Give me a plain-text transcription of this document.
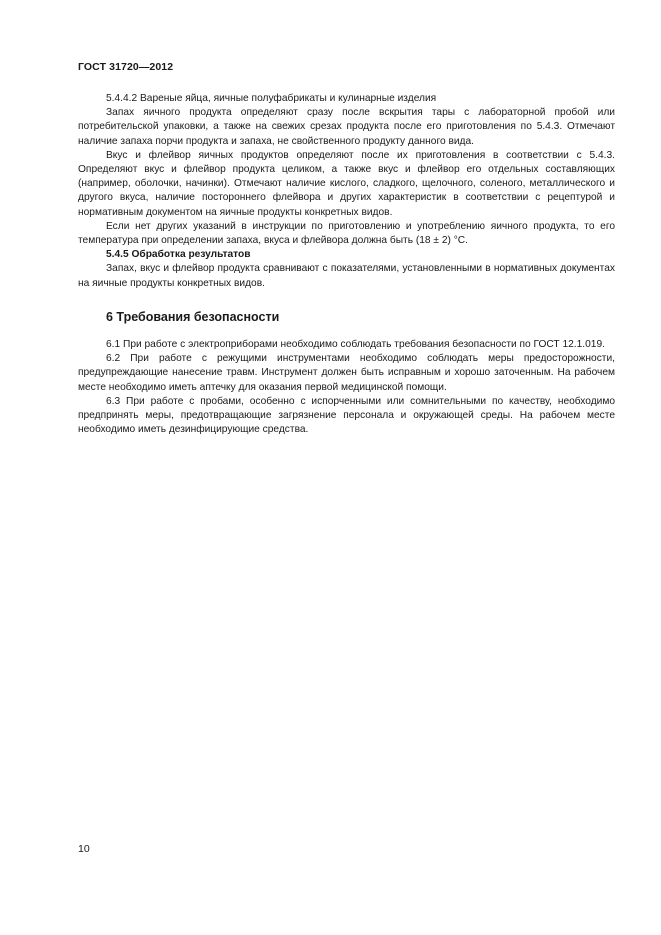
ГОСТ 31720—2012

5.4.4.2 Вареные яйца, яичные полуфабрикаты и кулинарные изделия

Запах яичного продукта определяют сразу после вскрытия тары с лабораторной пробой или потребительской упаковки, а также на свежих срезах продукта после его приготовления по 5.4.3. Отмечают наличие запаха порчи продукта и запаха, не свойственного продукту данного вида.

Вкус и флейвор яичных продуктов определяют после их приготовления в соответствии с 5.4.3. Определяют вкус и флейвор продукта целиком, а также вкус и флейвор его отдельных составляющих (например, оболочки, начинки). Отмечают наличие кислого, сладкого, щелочного, соленого, металлического и другого вкуса, наличие постороннего флейвора и других характеристик в соответствии с рецептурой и нормативным документом на яичные продукты конкретных видов.

Если нет других указаний в инструкции по приготовлению и употреблению яичного продукта, то его температура при определении запаха, вкуса и флейвора должна быть (18 ± 2) °С.

5.4.5 Обработка результатов

Запах, вкус и флейвор продукта сравнивают с показателями, установленными в нормативных документах на яичные продукты конкретных видов.

6 Требования безопасности

6.1 При работе с электроприборами необходимо соблюдать требования безопасности по ГОСТ 12.1.019.

6.2 При работе с режущими инструментами необходимо соблюдать меры предосторожности, предупреждающие нанесение травм. Инструмент должен быть исправным и хорошо заточенным. На рабочем месте необходимо иметь аптечку для оказания первой медицинской помощи.

6.3 При работе с пробами, особенно с испорченными или сомнительными по качеству, необходимо предпринять меры, предотвращающие загрязнение персонала и окружающей среды. На рабочем месте необходимо иметь дезинфицирующие средства.

10
